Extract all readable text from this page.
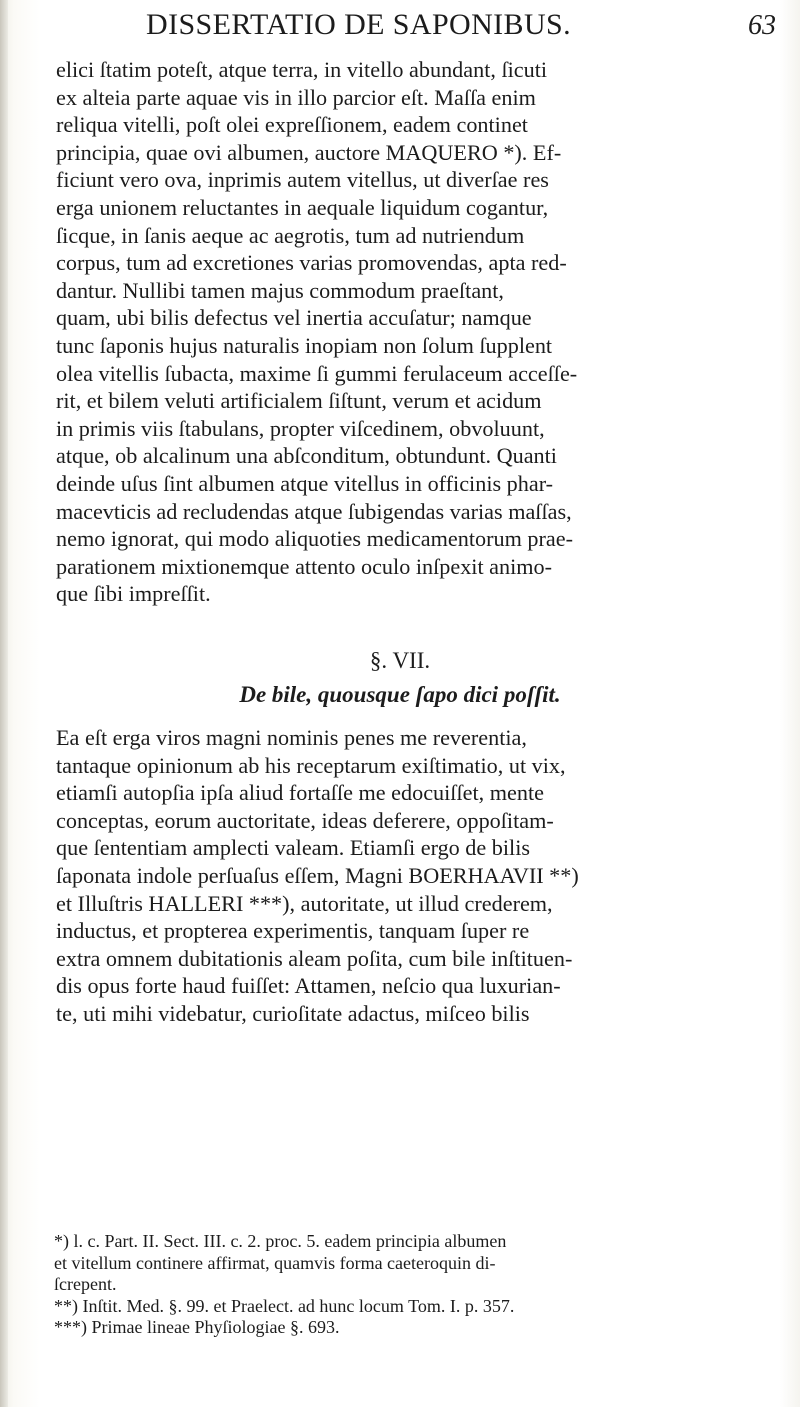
DISSERTATIO DE SAPONIBUS.	63
elici ſtatim poteſt, atque terra, in vitello abundant, ſicuti
ex alteia parte aquae vis in illo parcior eſt. Maſſa enim
reliqua vitelli, poſt olei expreſſionem, eadem continet
principia, quae ovi albumen, auctore MAQUERO *). Ef-
ficiunt vero ova, inprimis autem vitellus, ut diverſae res
erga unionem reluctantes in aequale liquidum cogantur,
ſicque, in ſanis aeque ac aegrotis, tum ad nutriendum
corpus, tum ad excretiones varias promovendas, apta red-
dantur. Nullibi tamen majus commodum praeſtant,
quam, ubi bilis defectus vel inertia accuſatur; namque
tunc ſaponis hujus naturalis inopiam non ſolum ſupplent
olea vitellis ſubacta, maxime ſi gummi ferulaceum acceſſe-
rit, et bilem veluti artificialem ſiſtunt, verum et acidum
in primis viis ſtabulans, propter viſcedinem, obvoluunt,
atque, ob alcalinum una abſconditum, obtundunt. Quanti
deinde uſus ſint albumen atque vitellus in officinis phar-
macevticis ad recludendas atque ſubigendas varias maſſas,
nemo ignorat, qui modo aliquoties medicamentorum prae-
parationem mixtionemque attento oculo inſpexit animo-
que ſibi impreſſit.
§. VII.
De bile, quousque ſapo dici poſſit.
Ea eſt erga viros magni nominis penes me reverentia,
tantaque opinionum ab his receptarum exiſtimatio, ut vix,
etiamſi autopſia ipſa aliud fortaſſe me edocuiſſet, mente
conceptas, eorum auctoritate, ideas deferere, oppoſitam-
que ſententiam amplecti valeam. Etiamſi ergo de bilis
ſaponata indole perſuaſus eſſem, Magni BOERHAAVII **)
et Illuſtris HALLERI ***), autoritate, ut illud crederem,
inductus, et propterea experimentis, tanquam ſuper re
extra omnem dubitationis aleam poſita, cum bile inſtituen-
dis opus forte haud fuiſſet: Attamen, neſcio qua luxurian-
te, uti mihi videbatur, curioſitate adactus, miſceo bilis
*) l. c. Part. II. Sect. III. c. 2. proc. 5. eadem principia albumen
et vitellum continere affirmat, quamvis forma caeteroquin di-
ſcrepent.
**) Inſtit. Med. §. 99. et Praelect. ad hunc locum Tom. I. p. 357.
***) Primae lineae Phyſiologiae §. 693.
